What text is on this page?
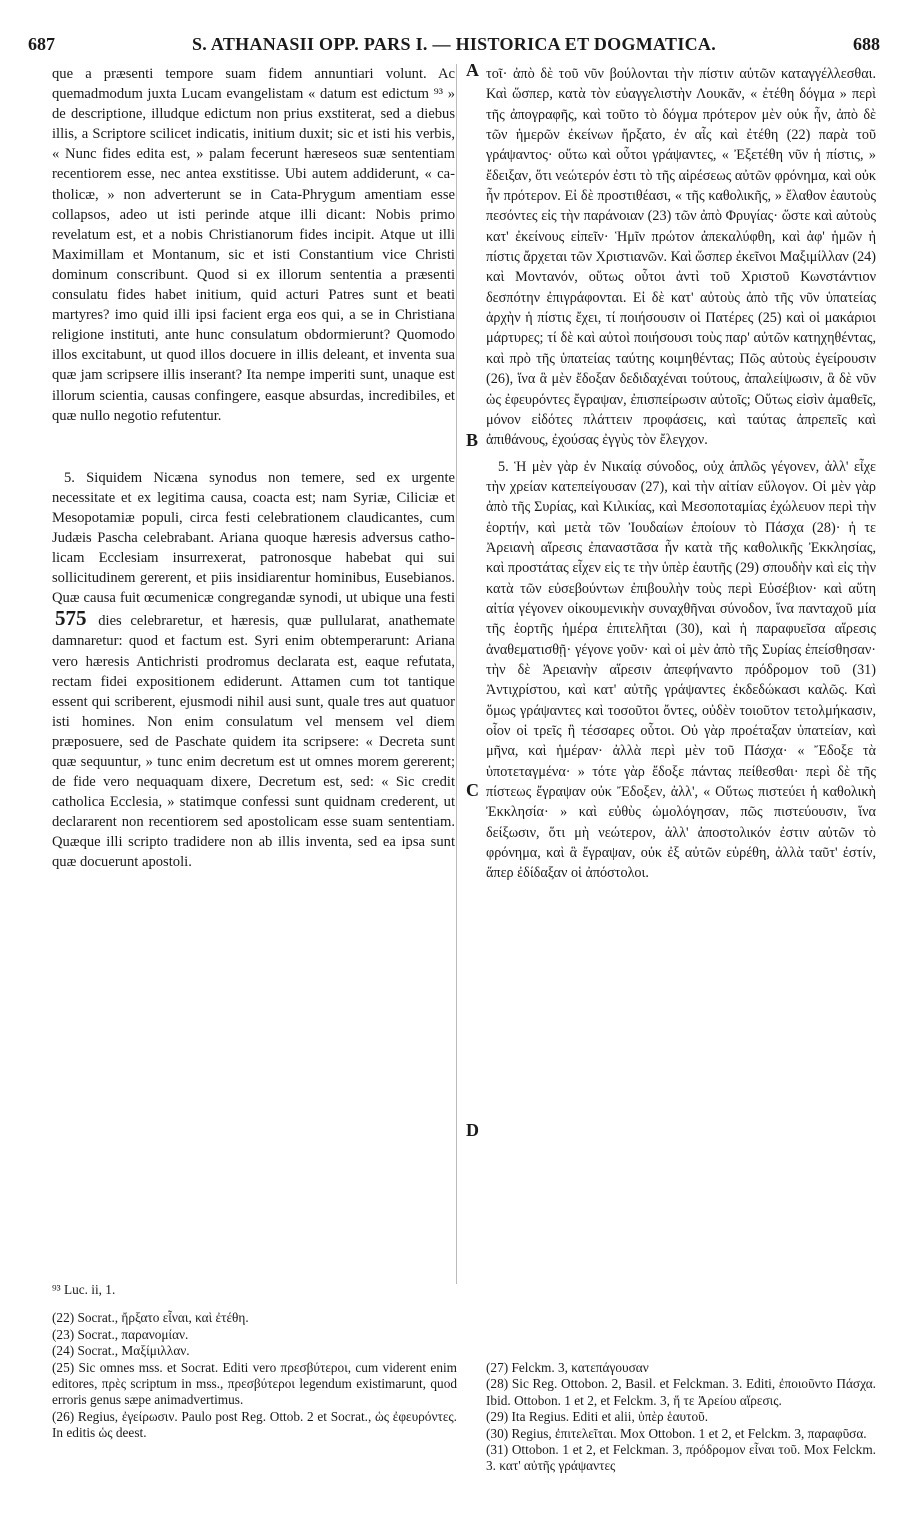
687	S. ATHANASII OPP. PARS I. — HISTORICA ET DOGMATICA.	688
A
B
C
D

que a præsenti tempore suam fidem annuntiari volunt. Ac quemadmodum juxta Lucam evangelistam « datum est edictum ⁹³ » de descriptione, illudque edictum non prius exstiterat, sed a diebus illis, a Scriptore scilicet indicatis, initium duxit; sic et isti his verbis, « Nunc fides edita est, » palam fecerunt hæreseos suæ sententiam recentiorem esse, nec antea exstitisse. Ubi autem addiderunt, « catholicæ, » non adverterunt se in Cata-Phrygum amentiam esse collapsos, adeo ut isti perinde atque illi dicant: Nobis primo revelatum est, et a nobis Christianorum fides incipit. Atque ut illi Maximillam et Montanum, sic et isti Constantium vice Christi dominum conscribunt. Quod si ex illorum sententia a præsenti consulatu fides habet initium, quid acturi Patres sunt et beati martyres? imo quid illi ipsi facient erga eos qui, a se in Christiana religione instituti, ante hunc consulatum obdormierunt? Quomodo illos excitabunt, ut quod illos docuere in illis deleant, et inventa sua quæ jam scripsere illis inserant? Ita nempe imperiti sunt, unaque est illorum scientia, causas confingere, easque absurdas, incredibiles, et quæ nullo negotio refutentur.

5. Siquidem Nicæna synodus non temere, sed ex urgente necessitate et ex legitima causa, coacta est; nam Syriæ, Ciliciæ et Mesopotamiæ populi, circa festi celebrationem claudicantes, cum Judæis Pascha celebrabant. Ariana quoque hæresis adversus catholicam Ecclesiam insurrexerat, patronosque habebat qui sui sollicitudinem gererent, et piis insidiarentur hominibus, Eusebianos. Quæ causa fuit œcumenicæ congregandæ synodi, ut ubique una festi 575 dies celebraretur, et hæresis, quæ pullularat, anathemate damnaretur: quod et factum est. Syri enim obtemperarunt: Ariana vero hæresis Antichristi prodromus declarata est, eaque refutata, rectam fidei expositionem ediderunt. Attamen cum tot tantique essent qui scriberent, ejusmodi nihil ausi sunt, quale tres aut quatuor isti homines. Non enim consulatum vel mensem vel diem præposuere, sed de Paschate quidem ita scripsere: « Decreta sunt quæ sequuntur, » tunc enim decretum est ut omnes morem gererent; de fide vero nequaquam dixere, Decretum est, sed: « Sic credit catholica Ecclesia, » statimque confessi sunt quidnam crederent, ut declararent non recentiorem sed apostolicam esse suam sententiam. Quæque illi scripto tradidere non ab illis inventa, sed ea ipsa sunt quæ docuerunt apostoli.

τοῖ· ἀπὸ δὲ τοῦ νῦν βούλονται τὴν πίστιν αὐτῶν καταγγέλλεσθαι. Καὶ ὥσπερ, κατὰ τὸν εὐαγγελιστὴν Λουκᾶν, « ἐτέθη δόγμα » περὶ τῆς ἀπογραφῆς, καὶ τοῦτο τὸ δόγμα πρότερον μὲν οὐκ ἦν, ἀπὸ δὲ τῶν ἡμερῶν ἐκείνων ἤρξατο, ἐν αἷς καὶ ἐτέθη (22) παρὰ τοῦ γράψαντος· οὕτω καὶ οὗτοι γράψαντες, « Ἐξετέθη νῦν ἡ πίστις, » ἔδειξαν, ὅτι νεώτερόν ἐστι τὸ τῆς αἱρέσεως αὐτῶν φρόνημα, καὶ οὐκ ἦν πρότερον. Εἰ δὲ προστιθέασι, « τῆς καθολικῆς, » ἔλαθον ἑαυτοὺς πεσόντες εἰς τὴν παράνοιαν (23) τῶν ἀπὸ Φρυγίας· ὥστε καὶ αὐτοὺς κατ' ἐκείνους εἰπεῖν· Ἡμῖν πρώτον ἀπεκαλύφθη, καὶ ἀφ' ἡμῶν ἡ πίστις ἄρχεται τῶν Χριστιανῶν. Καὶ ὥσπερ ἐκεῖνοι Μαξιμίλλαν (24) καὶ Μοντανόν, οὕτως οὗτοι ἀντὶ τοῦ Χριστοῦ Κωνστάντιον δεσπότην ἐπιγράφονται. Εἰ δὲ κατ' αὐτοὺς ἀπὸ τῆς νῦν ὑπατείας ἀρχὴν ἡ πίστις ἔχει, τί ποιήσουσιν οἱ Πατέρες (25) καὶ οἱ μακάριοι μάρτυρες; τί δὲ καὶ αὐτοὶ ποιήσουσι τοὺς παρ' αὐτῶν κατηχηθέντας, καὶ πρὸ τῆς ὑπατείας ταύτης κοιμηθέντας; Πῶς αὐτοὺς ἐγείρουσιν (26), ἵνα ἃ μὲν ἔδοξαν δεδιδαχέναι τούτους, ἀπαλείψωσιν, ἃ δὲ νῦν ὡς ἐφευρόντες ἔγραψαν, ἐπισπείρωσιν αὐτοῖς; Οὕτως εἰσὶν ἀμαθεῖς, μόνον εἰδότες πλάττειν προφάσεις, καὶ ταύτας ἀπρεπεῖς καὶ ἀπιθάνους, ἐχούσας ἐγγὺς τὸν ἔλεγχον.

5. Ἡ μὲν γὰρ ἐν Νικαίᾳ σύνοδος, οὐχ ἁπλῶς γέγονεν, ἀλλ' εἶχε τὴν χρείαν κατεπείγουσαν (27), καὶ τὴν αἰτίαν εὔλογον. Οἱ μὲν γὰρ ἀπὸ τῆς Συρίας, καὶ Κιλικίας, καὶ Μεσοποταμίας ἐχώλευον περὶ τὴν ἑορτήν, καὶ μετὰ τῶν Ἰουδαίων ἐποίουν τὸ Πάσχα (28)· ἡ τε Ἀρειανὴ αἵρεσις ἐπαναστᾶσα ἦν κατὰ τῆς καθολικῆς Ἐκκλησίας, καὶ προστάτας εἶχεν εἰς τε τὴν ὑπὲρ ἑαυτῆς (29) σπουδὴν καὶ εἰς τὴν κατὰ τῶν εὐσεβούντων ἐπιβουλὴν τοὺς περὶ Εὐσέβιον· καὶ αὕτη αἰτία γέγονεν οἰκουμενικὴν συναχθῆναι σύνοδον, ἵνα πανταχοῦ μία τῆς ἑορτῆς ἡμέρα ἐπιτελῆται (30), καὶ ἡ παραφυεῖσα αἵρεσις ἀναθεματισθῇ· γέγονε γοῦν· καὶ οἱ μὲν ἀπὸ τῆς Συρίας ἐπείσθησαν· τὴν δὲ Ἀρειανὴν αἵρεσιν ἀπεφήναντο πρόδρομον τοῦ (31) Ἀντιχρίστου, καὶ κατ' αὐτῆς γράψαντες ἐκδεδώκασι καλῶς. Καὶ ὅμως γράψαντες καὶ τοσοῦτοι ὄντες, οὐδὲν τοιοῦτον τετολμήκασιν, οἷον οἱ τρεῖς ἢ τέσσαρες οὗτοι. Οὐ γὰρ προέταξαν ὑπατείαν, καὶ μῆνα, καὶ ἡμέραν· ἀλλὰ περὶ μὲν τοῦ Πάσχα· « Ἔδοξε τὰ ὑποτεταγμένα· » τότε γὰρ ἔδοξε πάντας πείθεσθαι· περὶ δὲ τῆς πίστεως ἔγραψαν οὐκ Ἔδοξεν, ἀλλ', « Οὕτως πιστεύει ἡ καθολικὴ Ἐκκλησία· » καὶ εὐθὺς ὡμολόγησαν, πῶς πιστεύουσιν, ἵνα δείξωσιν, ὅτι μὴ νεώτερον, ἀλλ' ἀποστολικόν ἐστιν αὐτῶν τὸ φρόνημα, καὶ ἃ ἔγραψαν, οὐκ ἐξ αὐτῶν εὑρέθη, ἀλλὰ ταῦτ' ἐστίν, ἅπερ ἐδίδαξαν οἱ ἀπόστολοι.

⁹³ Luc. ii, 1.

(22) Socrat., ἤρξατο εἶναι, καὶ ἐτέθη.

(23) Socrat., παρανομίαν.

(24) Socrat., Μαξίμιλλαν.

(25) Sic omnes mss. et Socrat. Editi vero πρεσβύτεροι, cum viderent enim editores, πρὲς scriptum in mss., πρεσβύτεροι legendum existimarunt, quod erroris genus sæpe animadvertimus.

(26) Regius, ἐγείρωσιν. Paulo post Reg. Ottob. 2 et Socrat., ὡς ἐφευρόντες. In editis ὡς deest.

(27) Felckm. 3, κατεπάγουσαν

(28) Sic Reg. Ottobon. 2, Basil. et Felckman. 3. Editi, ἐποιοῦντο Πάσχα. Ibid. Ottobon. 1 et 2, et Felckm. 3, ἥ τε Ἀρείου αἵρεσις.

(29) Ita Regius. Editi et alii, ὑπὲρ ἑαυτοῦ.

(30) Regius, ἐπιτελεῖται. Mox Ottobon. 1 et 2, et Felckm. 3, παραφῦσα.

(31) Ottobon. 1 et 2, et Felckman. 3, πρόδρομον εἶναι τοῦ. Mox Felckm. 3. κατ' αὐτῆς γράψαντες
